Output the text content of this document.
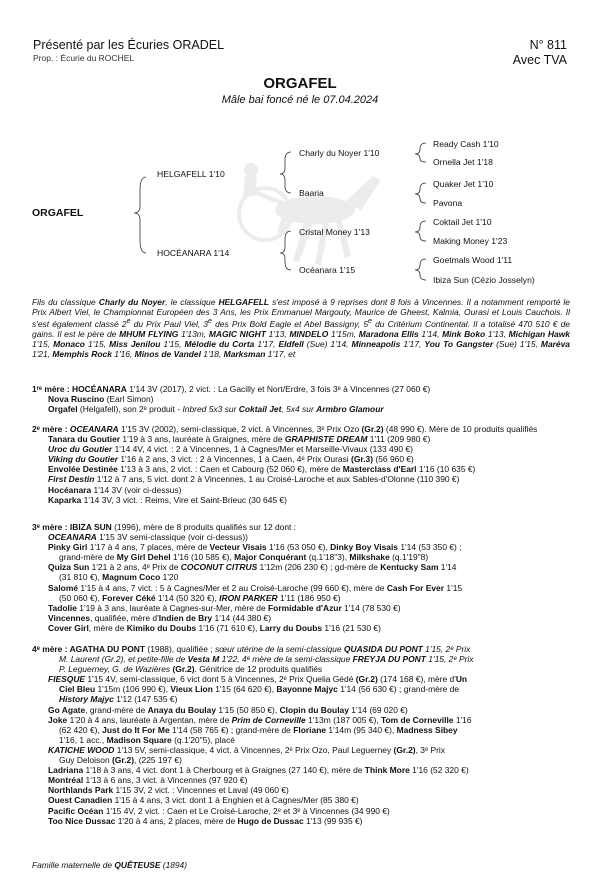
Présenté par les Écuries ORADEL
Prop. : Écurie du ROCHEL
N° 811
Avec TVA
ORGAFEL
Mâle bai foncé né le 07.04.2024
ORGAFEL
HELGAFELL 1'10
HOCÉANARA 1'14
Charly du Noyer 1'10
Baaria
Cristal Money 1'13
Océanara 1'15
Ready Cash 1'10
Ornella Jet 1'18
Quaker Jet 1'10
Pavona
Coktail Jet 1'10
Making Money 1'23
Goetmals Wood 1'11
Ibiza Sun (Cézio Josselyn)
Fils du classique Charly du Noyer, le classique HELGAFELL s'est imposé à 9 reprises dont 8 fois à Vincennes. Il a notamment remporté le Prix Albert Viel, le Championnat Européen des 3 Ans, les Prix Emmanuel Margouty, Maurice de Gheest, Kalmia, Ourasi et Louis Cauchois. Il s'est également classé 2e du Prix Paul Viel, 3e des Prix Bold Eagle et Abel Bassigny, 5e du Critérium Continental. Il a totalisé 470 510 € de gains. Il est le père de MHUM FLYING 1'13m, MAGIC NIGHT 1'13, MINDELO 1'15m, Maradona Ellis 1'14, Mink Boko 1'13, Michigan Hawk 1'15, Monaco 1'15, Miss Jenilou 1'15, Mélodie du Corta 1'17, Eldfell (Sue) 1'14, Minneapolis 1'17, You To Gangster (Sue) 1'15, Maréva 1'21, Memphis Rock 1'16, Minos de Vandel 1'18, Marksman 1'17, et

1ʳᵉ mère : HOCÉANARA 1'14 3V (2017), 2 vict. : La Gacilly et Nort/Erdre, 3 fois 3ᵉ à Vincennes (27 060 €)

Nova Ruscino (Earl Simon)

Orgafel (Helgafell), son 2ᵉ produit - Inbred 5x3 sur Coktail Jet, 5x4 sur Armbro Glamour

2ᵉ mère : OCEANARA 1'15 3V (2002), semi-classique, 2 vict. à Vincennes, 3ᵉ Prix Ozo (Gr.2) (48 990 €). Mère de 10 produits qualifiés

Tanara du Goutier 1'19 à 3 ans, lauréate à Graignes, mère de GRAPHISTE DREAM 1'11 (209 980 €)

Uroc du Goutier 1'14 4V, 4 vict. : 2 à Vincennes, 1 à Cagnes/Mer et Marseille-Vivaux (133 490 €)

Viking du Goutier 1'16 à 2 ans, 3 vict. : 2 à Vincennes, 1 à Caen, 4ᵉ Prix Ourasi (Gr.3) (56 960 €)

Envolée Destinée 1'13 à 3 ans, 2 vict. : Caen et Cabourg (52 060 €), mère de Masterclass d'Earl 1'16 (10 635 €)

First Destin 1'12 à 7 ans, 5 vict. dont 2 à Vincennes, 1 au Croisé-Laroche et aux Sables-d'Olonne (110 390 €)

Hocéanara 1'14 3V (voir ci-dessus)

Kaparka 1'14 3V, 3 vict. : Reims, Vire et Saint-Brieuc (30 645 €)

3ᵉ mère : IBIZA SUN (1996), mère de 8 produits qualifiés sur 12 dont :

OCEANARA 1'15 3V semi-classique (voir ci-dessus))

Pinky Girl 1'17 à 4 ans, 7 places, mère de Vecteur Visais 1'16 (53 050 €), Dinky Boy Visais 1'14 (53 350 €) ;

grand-mère de My Girl Dehel 1'16 (10 585 €), Major Conquérant (q.1'18"3), Milkshake (q.1'19"8)

Quiza Sun 1'21 à 2 ans, 4ᵉ Prix de COCONUT CITRUS 1'12m (206 230 €) ; gd-mère de Kentucky Sam 1'14

(31 810 €), Magnum Coco 1'20

Salomé 1'15 à 4 ans, 7 vict. : 5 à Cagnes/Mer et 2 au Croisé-Laroche (99 660 €), mère de Cash For Ever 1'15

(50 060 €), Forever Céké 1'14 (50 320 €), IRON PARKER 1'11 (186 950 €)

Tadolie 1'19 à 3 ans, lauréate à Cagnes-sur-Mer, mère de Formidable d'Azur 1'14 (78 530 €)

Vincennes, qualifiée, mère d'Indien de Bry 1'14 (44 380 €)

Cover Girl, mère de Kimiko du Doubs 1'16 (71 610 €), Larry du Doubs 1'16 (21 530 €)

4ᵉ mère : AGATHA DU PONT (1988), qualifiée ; sœur utérine de la semi-classique QUASIDA DU PONT 1'15, 2ᵉ Prix

M. Laurent (Gr.2), et petite-fille de Vesta M 1'22, 4ᵉ mère de la semi-classique FREYJA DU PONT 1'15, 2ᵉ Prix

P. Leguerney, G. de Wazières (Gr.2). Génitrice de 12 produits qualifiés

FIESQUE 1'15 4V, semi-classique, 6 vict dont 5 à Vincennes, 2ᵉ Prix Quelia Gédé (Gr.2) (174 168 €), mère d'Un

Ciel Bleu 1'15m (106 990 €), Vieux Lion 1'15 (64 620 €), Bayonne Majyc 1'14 (56 630 €) ; grand-mère de

History Majyc 1'12 (147 535 €)

Go Agate, grand-mère de Anaya du Boulay 1'15 (50 850 €), Clopin du Boulay 1'14 (69 020 €)

Joke 1'20 à 4 ans, lauréate à Argentan, mère de Prim de Corneville 1'13m (187 005 €), Tom de Corneville 1'16

(62 420 €), Just do It For Me 1'14 (58 765 €) ; grand-mère de Floriane 1'14m (95 340 €), Madness Sibey

1'16, 1 acc., Madison Square (q.1'20"5), placé

KATICHE WOOD 1'13 5V, semi-classique, 4 vict. à Vincennes, 2ᵉ Prix Ozo, Paul Leguerney (Gr.2), 3ᵉ Prix

Guy Deloison (Gr.2), (225 197 €)

Ladriana 1'18 à 3 ans, 4 vict. dont 1 à Cherbourg et à Graignes (27 140 €), mère de Think More 1'16 (52 320 €)

Montréal 1'13 à 6 ans, 3 vict. à Vincennes (97 920 €)

Northlands Park 1'15 3V, 2 vict. : Vincennes et Laval (49 060 €)

Ouest Canadien 1'15 à 4 ans, 3 vict. dont 1 à Enghien et à Cagnes/Mer (85 380 €)

Pacific Océan 1'15 4V, 2 vict. : Caen et Le Croisé-Laroche, 2ᵉ et 3ᵉ à Vincennes (34 990 €)

Too Nice Dussac 1'20 à 4 ans, 2 places, mère de Hugo de Dussac 1'13 (99 935 €)

Famille maternelle de QUÊTEUSE (1894)
